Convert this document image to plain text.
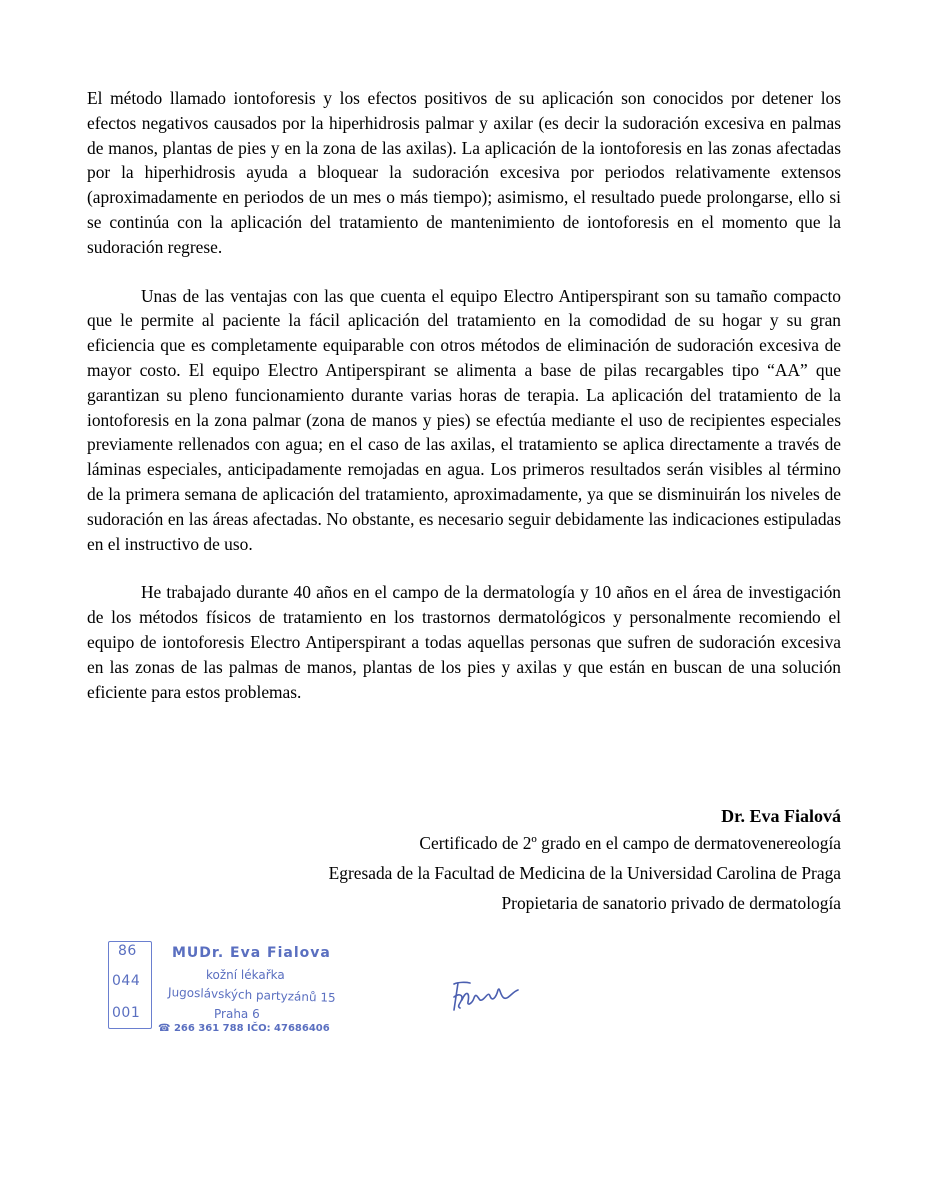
El método llamado iontoforesis y los efectos positivos de su aplicación son conocidos por detener los efectos negativos causados por la hiperhidrosis palmar y axilar (es decir la sudoración excesiva en palmas de manos, plantas de pies y en la zona de las axilas). La aplicación de la iontoforesis en las zonas afectadas por la hiperhidrosis ayuda a bloquear la sudoración excesiva por periodos relativamente extensos (aproximadamente en periodos de un mes o más tiempo); asimismo, el resultado puede prolongarse, ello si se continúa con la aplicación del tratamiento de mantenimiento de iontoforesis en el momento que la sudoración regrese.

Unas de las ventajas con las que cuenta el equipo Electro Antiperspirant son su tamaño compacto que le permite al paciente la fácil aplicación del tratamiento en la comodidad de su hogar y su gran eficiencia que es completamente equiparable con otros métodos de eliminación de sudoración excesiva de mayor costo. El equipo Electro Antiperspirant se alimenta a base de pilas recargables tipo “AA” que garantizan su pleno funcionamiento durante varias horas de terapia. La aplicación del tratamiento de la iontoforesis en la zona palmar (zona de manos y pies) se efectúa mediante el uso de recipientes especiales previamente rellenados con agua; en el caso de las axilas, el tratamiento se aplica directamente a través de láminas especiales, anticipadamente remojadas en agua. Los primeros resultados serán visibles al término de la primera semana de aplicación del tratamiento, aproximadamente, ya que se disminuirán los niveles de sudoración en las áreas afectadas. No obstante, es necesario seguir debidamente las indicaciones estipuladas en el instructivo de uso.

He trabajado durante 40 años en el campo de la dermatología y 10 años en el área de investigación de los métodos físicos de tratamiento en los trastornos dermatológicos y personalmente recomiendo el equipo de iontoforesis Electro Antiperspirant a todas aquellas personas que sufren de sudoración excesiva en las zonas de las palmas de manos, plantas de los pies y axilas y que están en buscan de una solución eficiente para estos problemas.

Dr. Eva Fialová
Certificado de 2º grado en el campo de dermatovenereología
Egresada de la Facultad de Medicina de la Universidad Carolina de Praga
Propietaria de sanatorio privado de dermatología
86
044
001
MUDr. Eva Fialova
kožní lékařka
Jugoslávských partyzánů 15
Praha 6
☎ 266 361 788 IČO: 47686406
